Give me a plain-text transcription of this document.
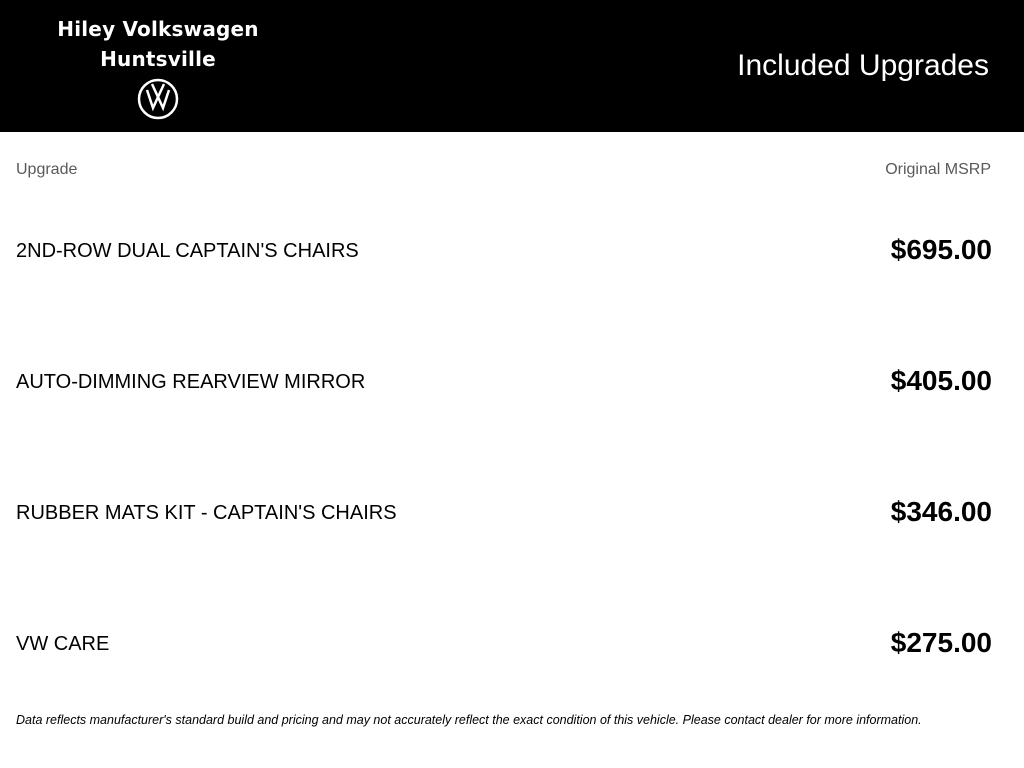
Hiley Volkswagen
Huntsville	Included Upgrades
Upgrade	Original MSRP
2ND-ROW DUAL CAPTAIN'S CHAIRS	$695.00
AUTO-DIMMING REARVIEW MIRROR	$405.00
RUBBER MATS KIT - CAPTAIN'S CHAIRS	$346.00
VW CARE	$275.00
Data reflects manufacturer's standard build and pricing and may not accurately reflect the exact condition of this vehicle. Please contact dealer for more information.
